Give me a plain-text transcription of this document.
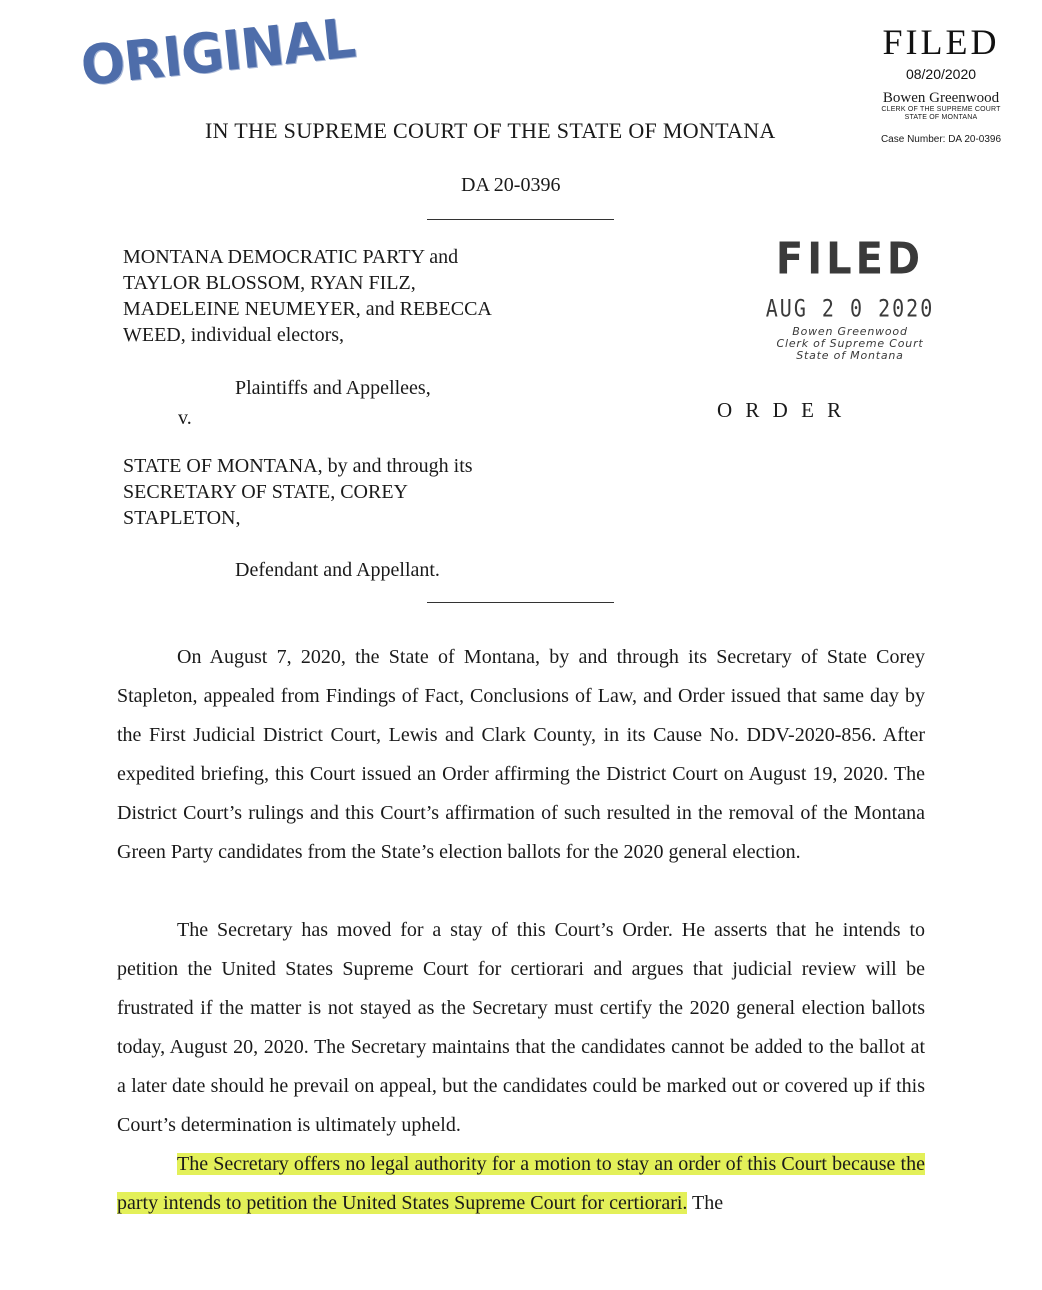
ORIGINAL	FILED
08/20/2020
Bowen Greenwood
CLERK OF THE SUPREME COURT
STATE OF MONTANA
Case Number: DA 20-0396
IN THE SUPREME COURT OF THE STATE OF MONTANA
DA 20-0396
MONTANA DEMOCRATIC PARTY and
TAYLOR BLOSSOM, RYAN FILZ,
MADELEINE NEUMEYER, and REBECCA
WEED, individual electors,
Plaintiffs and Appellees,
v.
FILED
AUG 2 0 2020
Bowen Greenwood
Clerk of Supreme Court
State of Montana
O R D E R
STATE OF MONTANA, by and through its
SECRETARY OF STATE, COREY
STAPLETON,
Defendant and Appellant.
On August 7, 2020, the State of Montana, by and through its Secretary of State Corey Stapleton, appealed from Findings of Fact, Conclusions of Law, and Order issued that same day by the First Judicial District Court, Lewis and Clark County, in its Cause No. DDV-2020-856. After expedited briefing, this Court issued an Order affirming the District Court on August 19, 2020. The District Court’s rulings and this Court’s affirmation of such resulted in the removal of the Montana Green Party candidates from the State’s election ballots for the 2020 general election.
The Secretary has moved for a stay of this Court’s Order. He asserts that he intends to petition the United States Supreme Court for certiorari and argues that judicial review will be frustrated if the matter is not stayed as the Secretary must certify the 2020 general election ballots today, August 20, 2020. The Secretary maintains that the candidates cannot be added to the ballot at a later date should he prevail on appeal, but the candidates could be marked out or covered up if this Court’s determination is ultimately upheld.
The Secretary offers no legal authority for a motion to stay an order of this Court because the party intends to petition the United States Supreme Court for certiorari. The
